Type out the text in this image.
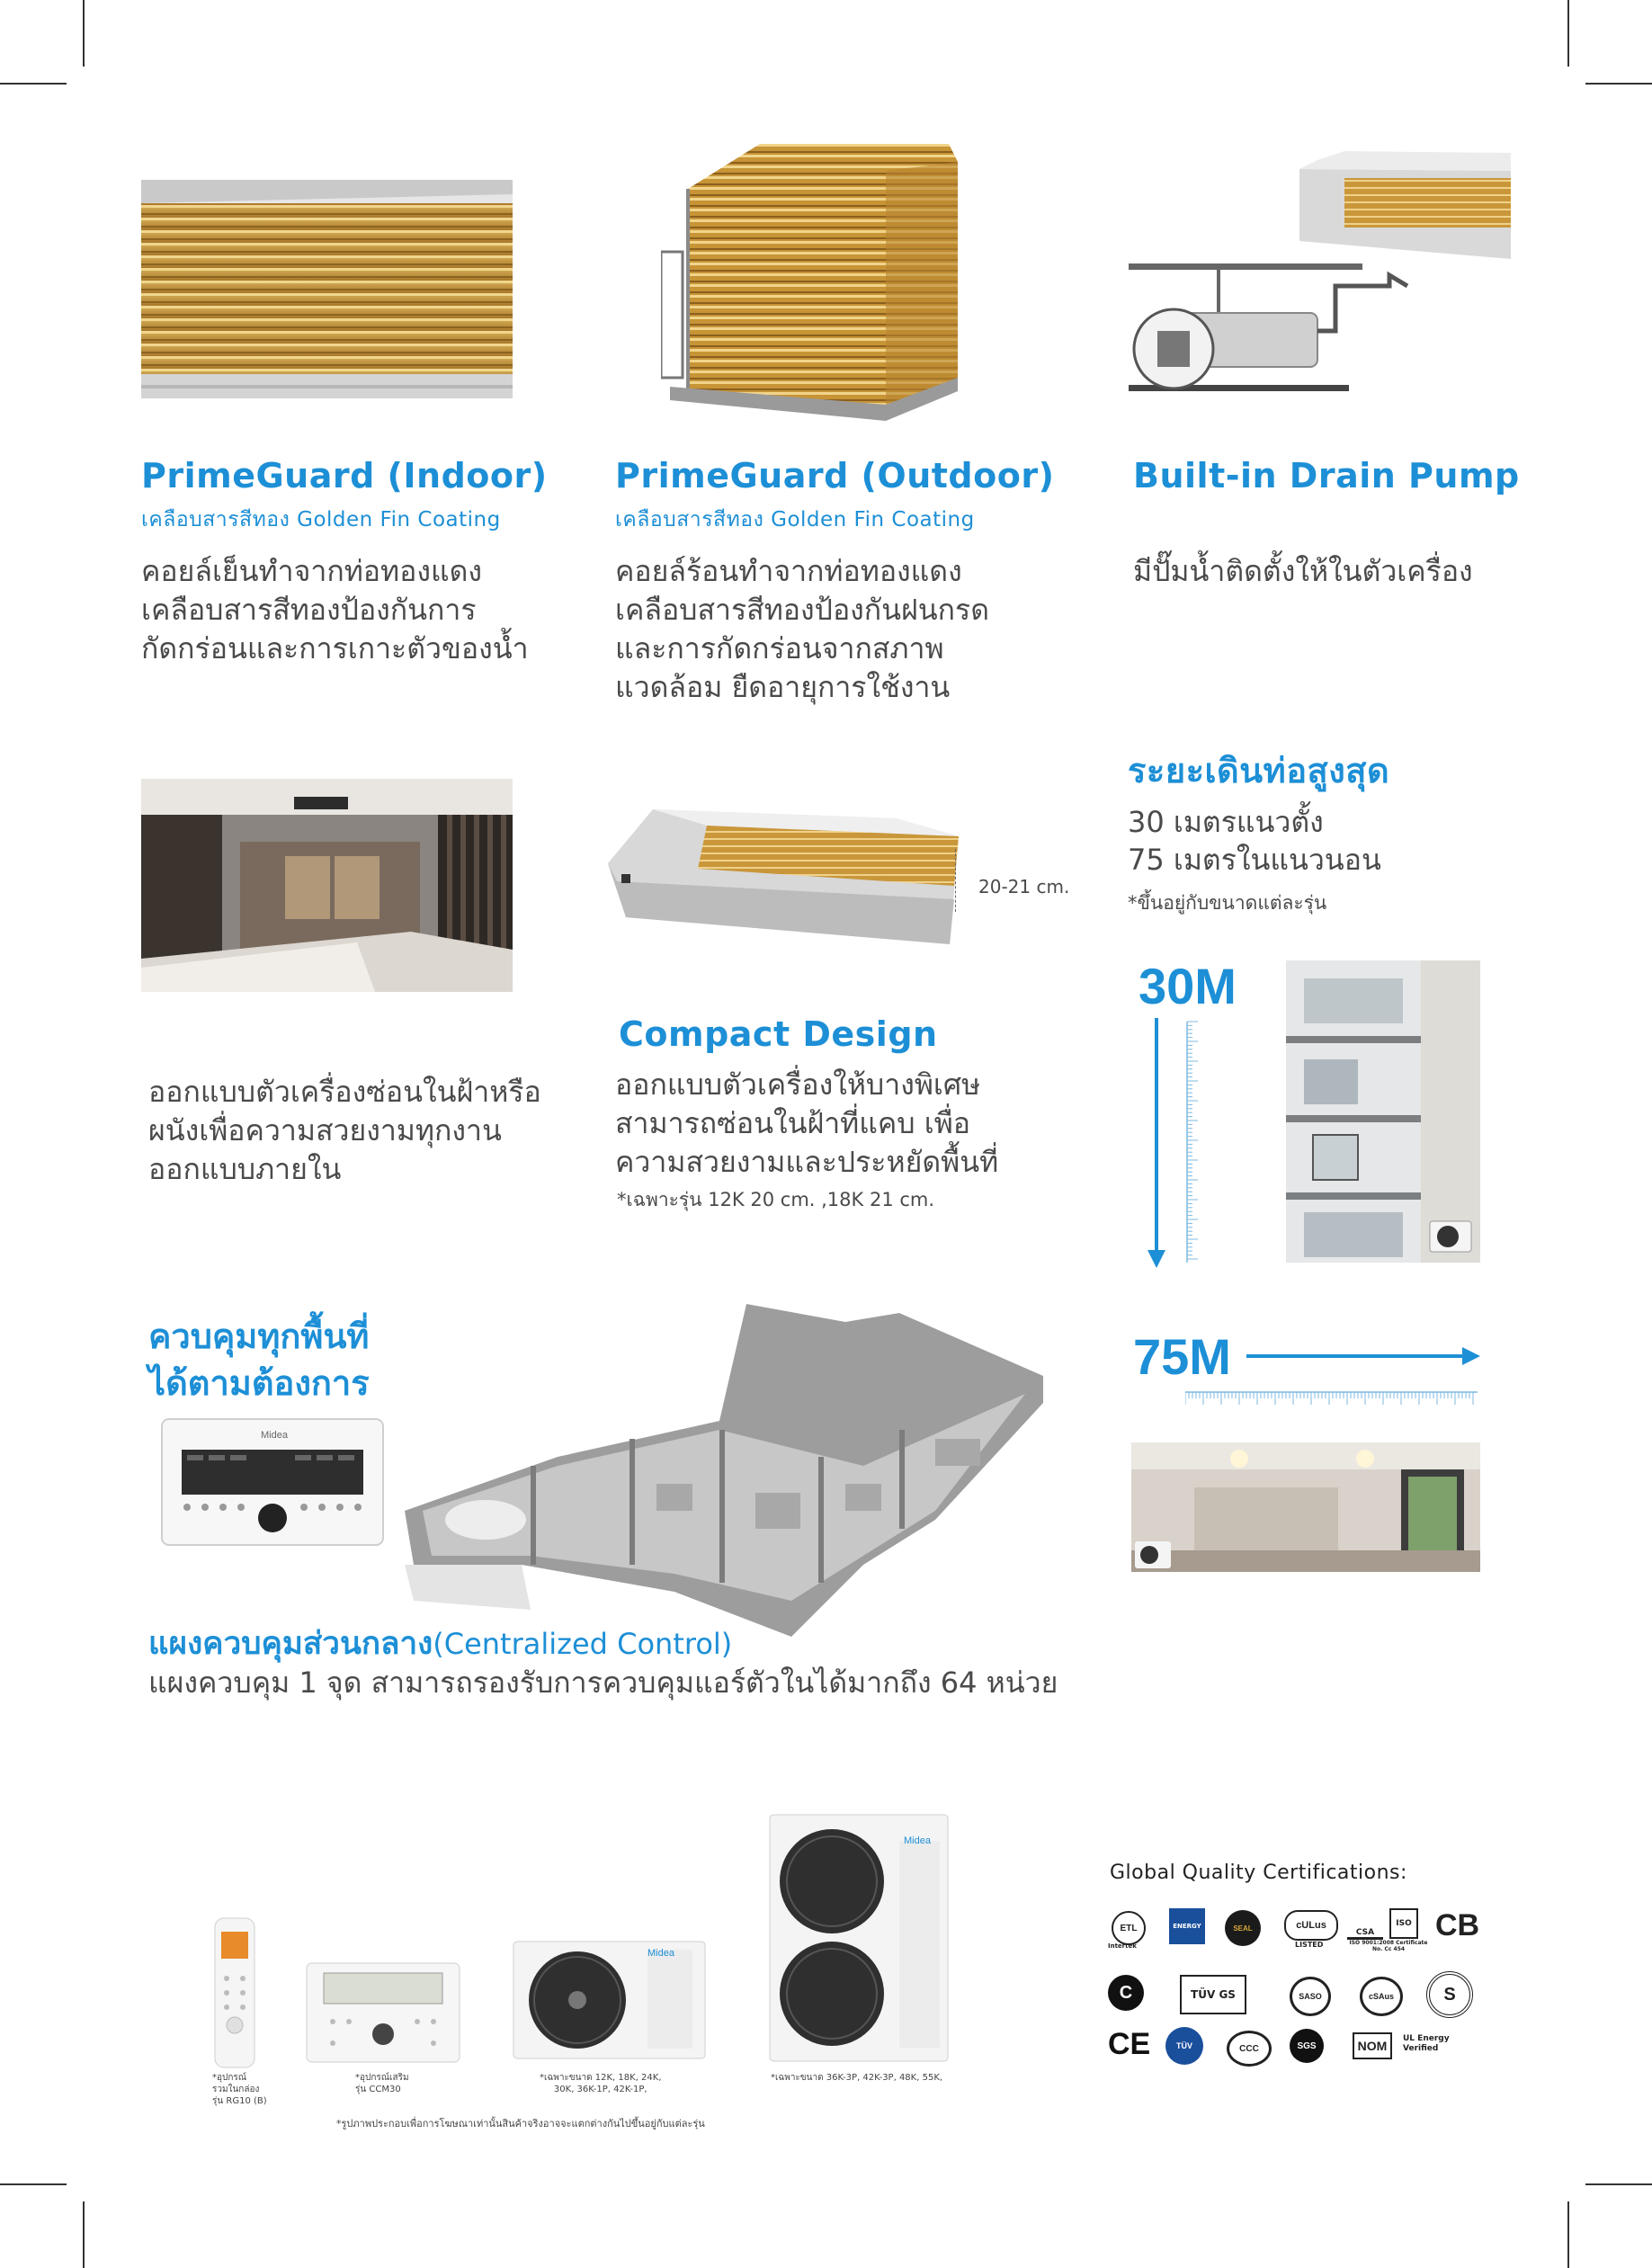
PrimeGuard (Indoor)
เคลือบสารสีทอง Golden Fin Coating
คอยล์เย็นทำจากท่อทองแดง
เคลือบสารสีทองป้องกันการ
กัดกร่อนและการเกาะตัวของน้ำ
PrimeGuard (Outdoor)
เคลือบสารสีทอง Golden Fin Coating
คอยล์ร้อนทำจากท่อทองแดง
เคลือบสารสีทองป้องกันฝนกรด
และการกัดกร่อนจากสภาพ
แวดล้อม ยืดอายุการใช้งาน
Built-in Drain Pump
มีปั๊มน้ำติดตั้งให้ในตัวเครื่อง
ระยะเดินท่อสูงสุด
30 เมตรแนวตั้ง
75 เมตรในแนวนอน
*ขึ้นอยู่กับขนาดแต่ละรุ่น
30M
75M
ออกแบบตัวเครื่องซ่อนในฝ้าหรือ
ผนังเพื่อความสวยงามทุกงาน
ออกแบบภายใน
20-21 cm.
Compact Design
ออกแบบตัวเครื่องให้บางพิเศษ
สามารถซ่อนในฝ้าที่แคบ เพื่อ
ความสวยงามและประหยัดพื้นที่
*เฉพาะรุ่น 12K 20 cm. ,18K 21 cm.
ควบคุมทุกพื้นที่
ได้ตามต้องการ
Midea
แผงควบคุมส่วนกลาง(Centralized Control)
แผงควบคุม 1 จุด สามารถรองรับการควบคุมแอร์ตัวในได้มากถึง 64 หน่วย
Midea
Midea
*อุปกรณ์
รวมในกล่อง
รุ่น RG10 (B)
*อุปกรณ์เสริม
รุ่น CCM30
*เฉพาะขนาด 12K, 18K, 24K,
30K, 36K-1P, 42K-1P,
*เฉพาะขนาด 36K-3P, 42K-3P, 48K, 55K,
*รูปภาพประกอบเพื่อการโฆษณาเท่านั้นสินค้าจริงอาจจะแตกต่างกันไปขึ้นอยู่กับแต่ละรุ่น
Global Quality Certifications:
ETL
Intertek
ENERGY	SEAL	cULus
LISTED
CSA
ISO
ISO 9001:2008 Certificate No. Cc 454
CB
C	TÜV GS	SASO	cSAus	S
CE	TÜV	CCC	SGS	NOM	UL Energy Verified
